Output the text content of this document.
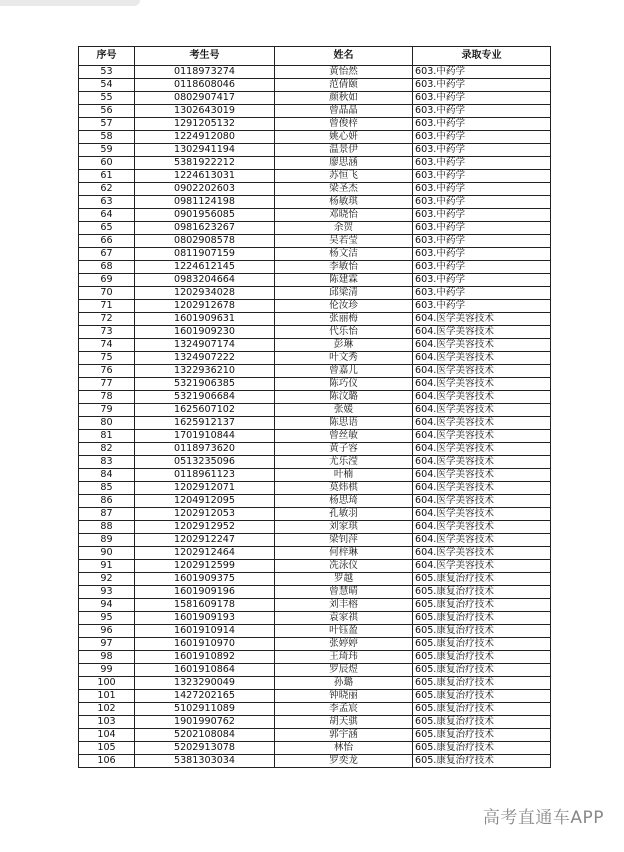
序号	考生号	姓名	录取专业
53	0118973274	黄怡然	603.中药学
54	0118608046	范倩颐	603.中药学
55	0802907417	颜秋如	603.中药学
56	1302643019	曾晶晶	603.中药学
57	1291205132	曾俊梓	603.中药学
58	1224912080	姚心妍	603.中药学
59	1302941194	温景伊	603.中药学
60	5381922212	廖思涵	603.中药学
61	1224613031	苏恒飞	603.中药学
62	0902202603	梁圣杰	603.中药学
63	0981124198	杨敏琪	603.中药学
64	0901956085	邓晓怡	603.中药学
65	0981623267	余贺	603.中药学
66	0802908578	吴若莹	603.中药学
67	0811907159	杨文洁	603.中药学
68	1224612145	李敏怡	603.中药学
69	0983204664	陈建霖	603.中药学
70	1202934028	邱梁清	603.中药学
71	1202912678	伦汝珍	603.中药学
72	1601909631	张丽梅	604.医学美容技术
73	1601909230	代乐怡	604.医学美容技术
74	1324907174	彭琳	604.医学美容技术
75	1324907222	叶文秀	604.医学美容技术
76	1322936210	曾嘉儿	604.医学美容技术
77	5321906385	陈巧仪	604.医学美容技术
78	5321906684	陈汶璐	604.医学美容技术
79	1625607102	张媛	604.医学美容技术
80	1625912137	陈思语	604.医学美容技术
81	1701910844	曾丝敏	604.医学美容技术
82	0118973620	黄子容	604.医学美容技术
83	0513235096	尤乐滢	604.医学美容技术
84	0118961123	叶楠	604.医学美容技术
85	1202912071	莫炜棋	604.医学美容技术
86	1204912095	杨思琦	604.医学美容技术
87	1202912053	孔敏羽	604.医学美容技术
88	1202912952	刘家琪	604.医学美容技术
89	1202912247	梁钊萍	604.医学美容技术
90	1202912464	何梓琳	604.医学美容技术
91	1202912599	冼泳仪	604.医学美容技术
92	1601909375	罗越	605.康复治疗技术
93	1601909196	曾慧晴	605.康复治疗技术
94	1581609178	刘丰榕	605.康复治疗技术
95	1601909193	袁家祺	605.康复治疗技术
96	1601910914	叶钰盈	605.康复治疗技术
97	1601910970	张婷婷	605.康复治疗技术
98	1601910892	王琦玮	605.康复治疗技术
99	1601910864	罗辰煜	605.康复治疗技术
100	1323290049	孙璐	605.康复治疗技术
101	1427202165	钟晓丽	605.康复治疗技术
102	5102911089	李孟宸	605.康复治疗技术
103	1901990762	胡天骐	605.康复治疗技术
104	5202108084	郭宇涵	605.康复治疗技术
105	5202913078	林怡	605.康复治疗技术
106	5381303034	罗奕龙	605.康复治疗技术
高考直通车APP
